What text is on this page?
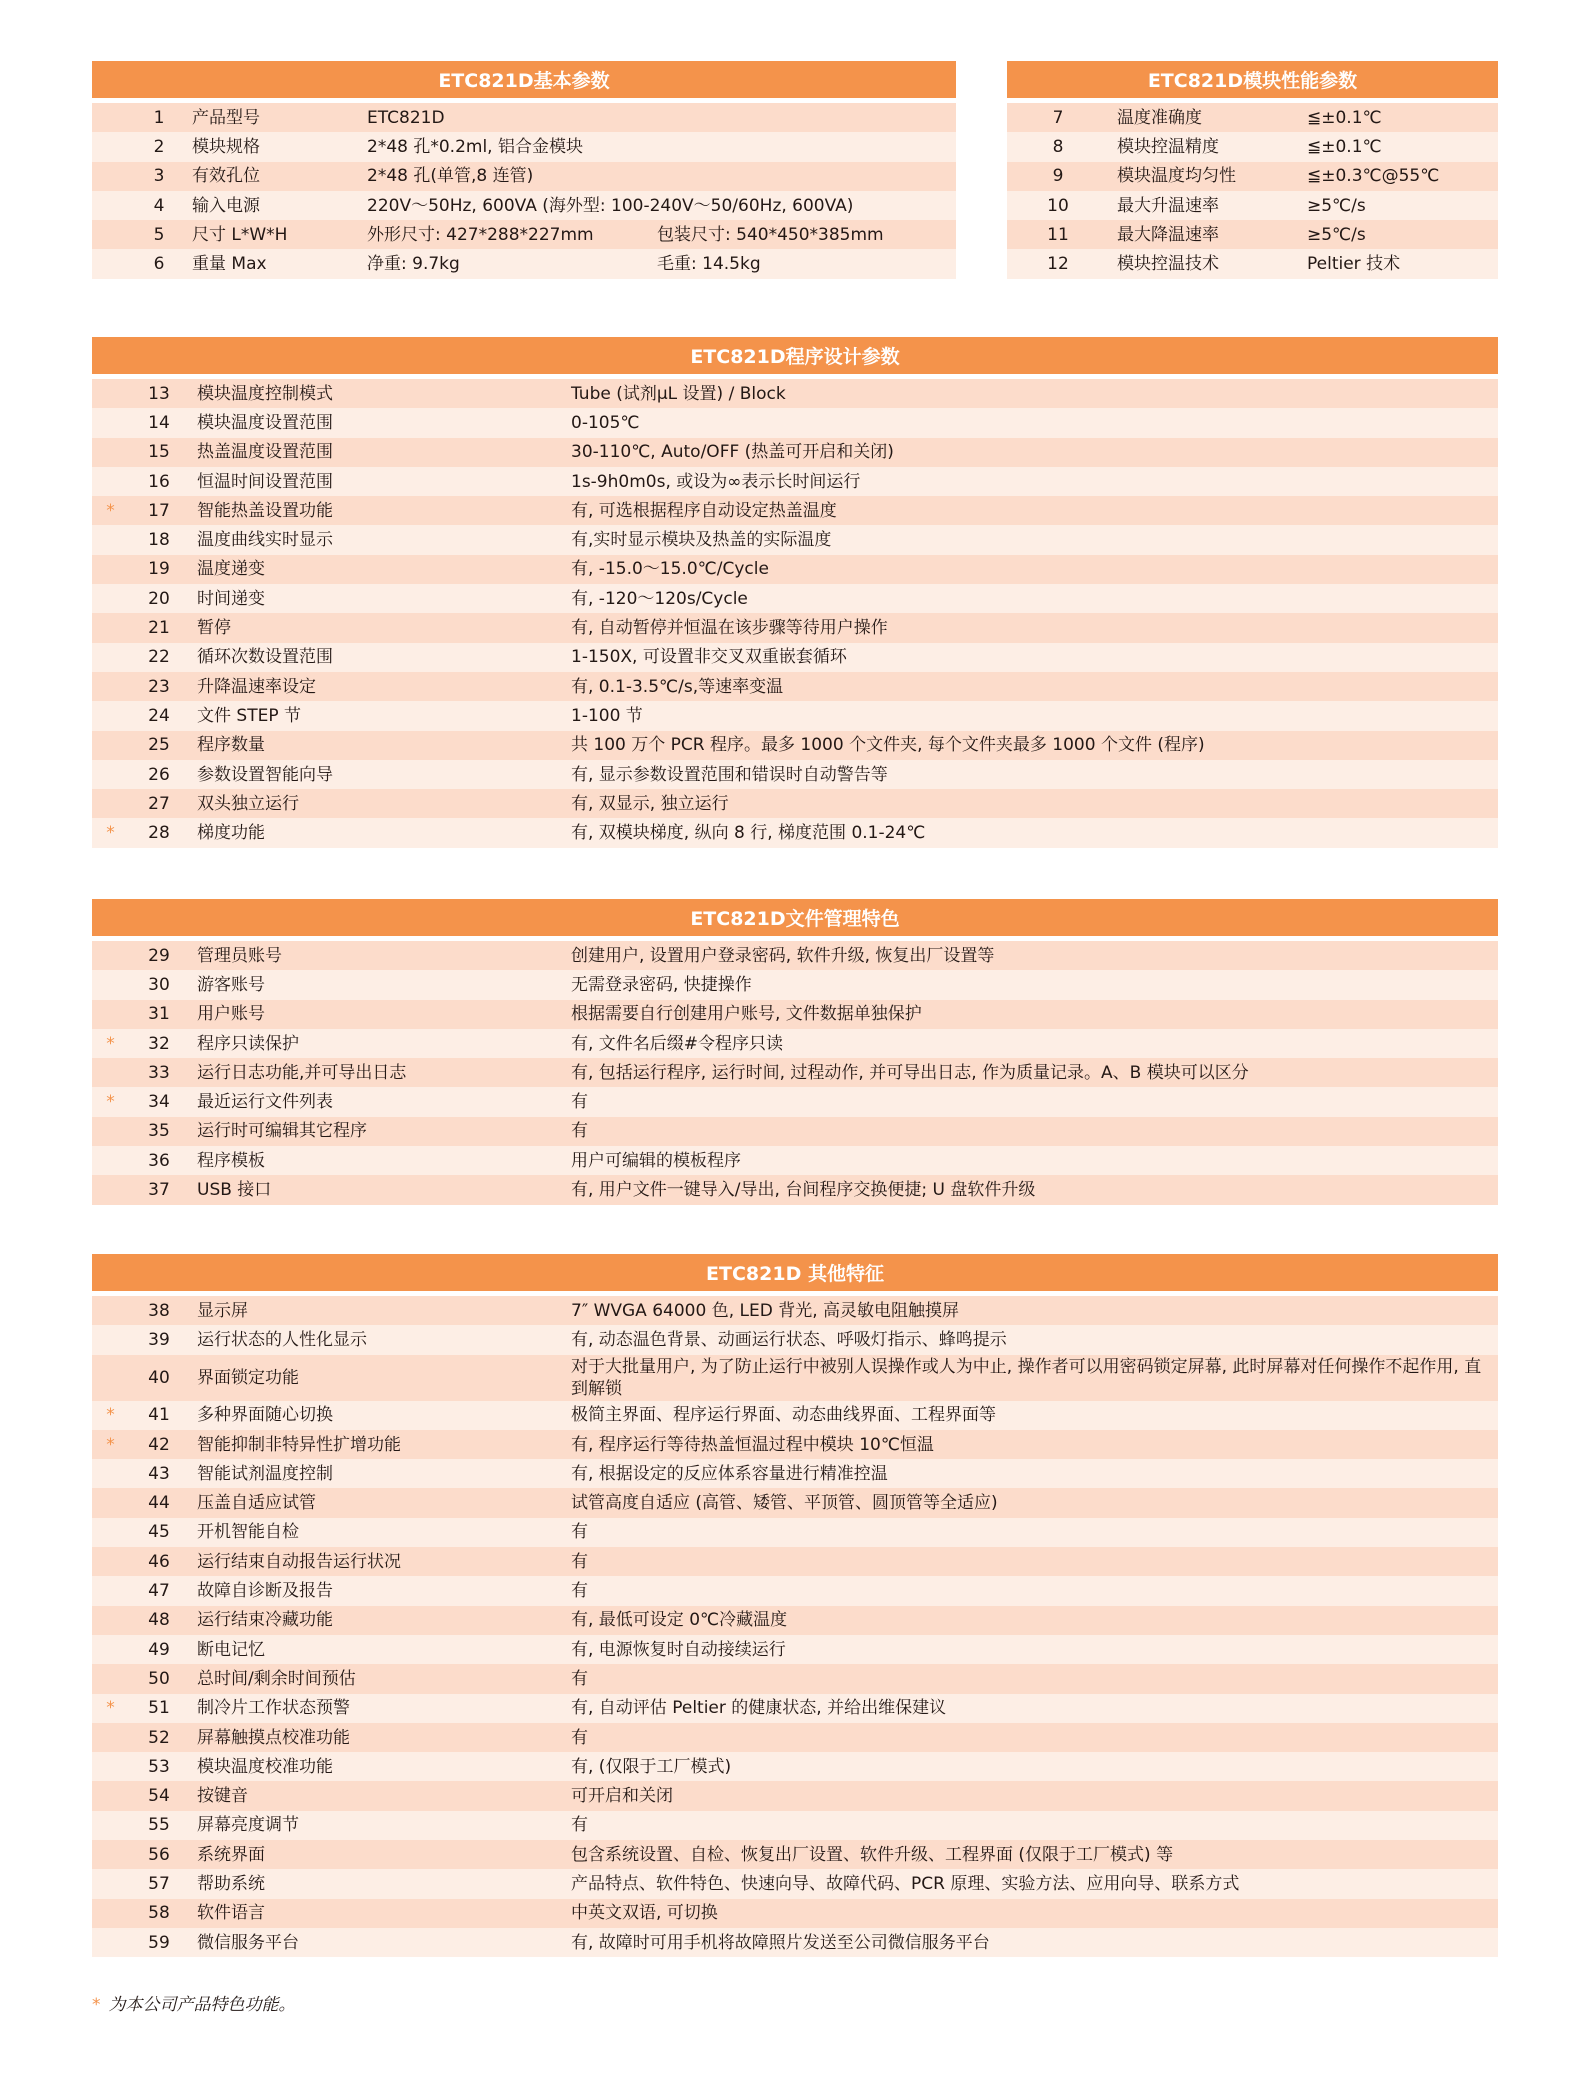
ETC821D基本参数			

	1	产品型号	ETC821D
	2	模块规格	2*48 孔*0.2ml, 铝合金模块
	3	有效孔位	2*48 孔(单管,8 连管)
	4	输入电源	220V～50Hz, 600VA (海外型: 100-240V～50/60Hz, 600VA)
	5	尺寸 L*W*H	外形尺寸: 427*288*227mm 包装尺寸: 540*450*385mm
	6	重量 Max	净重: 9.7kg 毛重: 14.5kg
ETC821D模块性能参数		

7	温度准确度	≦±0.1℃
8	模块控温精度	≦±0.1℃
9	模块温度均匀性	≦±0.3℃@55℃
10	最大升温速率	≥5℃/s
11	最大降温速率	≥5℃/s
12	模块控温技术	Peltier 技术
ETC821D程序设计参数			

	13	模块温度控制模式	Tube (试剂μL 设置) / Block
	14	模块温度设置范围	0-105℃
	15	热盖温度设置范围	30-110℃, Auto/OFF (热盖可开启和关闭)
	16	恒温时间设置范围	1s-9h0m0s, 或设为∞表示长时间运行
*	17	智能热盖设置功能	有, 可选根据程序自动设定热盖温度
	18	温度曲线实时显示	有,实时显示模块及热盖的实际温度
	19	温度递变	有, -15.0～15.0℃/Cycle
	20	时间递变	有, -120～120s/Cycle
	21	暂停	有, 自动暂停并恒温在该步骤等待用户操作
	22	循环次数设置范围	1-150X, 可设置非交叉双重嵌套循环
	23	升降温速率设定	有, 0.1-3.5℃/s,等速率变温
	24	文件 STEP 节	1-100 节
	25	程序数量	共 100 万个 PCR 程序。最多 1000 个文件夹, 每个文件夹最多 1000 个文件 (程序)
	26	参数设置智能向导	有, 显示参数设置范围和错误时自动警告等
	27	双头独立运行	有, 双显示, 独立运行
*	28	梯度功能	有, 双模块梯度, 纵向 8 行, 梯度范围 0.1-24℃
ETC821D文件管理特色			

	29	管理员账号	创建用户, 设置用户登录密码, 软件升级, 恢复出厂设置等
	30	游客账号	无需登录密码, 快捷操作
	31	用户账号	根据需要自行创建用户账号, 文件数据单独保护
*	32	程序只读保护	有, 文件名后缀#令程序只读
	33	运行日志功能,并可导出日志	有, 包括运行程序, 运行时间, 过程动作, 并可导出日志, 作为质量记录。A、B 模块可以区分
*	34	最近运行文件列表	有
	35	运行时可编辑其它程序	有
	36	程序模板	用户可编辑的模板程序
	37	USB 接口	有, 用户文件一键导入/导出, 台间程序交换便捷; U 盘软件升级
ETC821D 其他特征			

	38	显示屏	7″ WVGA 64000 色, LED 背光, 高灵敏电阻触摸屏
	39	运行状态的人性化显示	有, 动态温色背景、动画运行状态、呼吸灯指示、蜂鸣提示
	40	界面锁定功能	对于大批量用户, 为了防止运行中被别人误操作或人为中止, 操作者可以用密码锁定屏幕, 此时屏幕对任何操作不起作用, 直到解锁
*	41	多种界面随心切换	极简主界面、程序运行界面、动态曲线界面、工程界面等
*	42	智能抑制非特异性扩增功能	有, 程序运行等待热盖恒温过程中模块 10℃恒温
	43	智能试剂温度控制	有, 根据设定的反应体系容量进行精准控温
	44	压盖自适应试管	试管高度自适应 (高管、矮管、平顶管、圆顶管等全适应)
	45	开机智能自检	有
	46	运行结束自动报告运行状况	有
	47	故障自诊断及报告	有
	48	运行结束冷藏功能	有, 最低可设定 0℃冷藏温度
	49	断电记忆	有, 电源恢复时自动接续运行
	50	总时间/剩余时间预估	有
*	51	制冷片工作状态预警	有, 自动评估 Peltier 的健康状态, 并给出维保建议
	52	屏幕触摸点校准功能	有
	53	模块温度校准功能	有, (仅限于工厂模式)
	54	按键音	可开启和关闭
	55	屏幕亮度调节	有
	56	系统界面	包含系统设置、自检、恢复出厂设置、软件升级、工程界面 (仅限于工厂模式) 等
	57	帮助系统	产品特点、软件特色、快速向导、故障代码、PCR 原理、实验方法、应用向导、联系方式
	58	软件语言	中英文双语, 可切换
	59	微信服务平台	有, 故障时可用手机将故障照片发送至公司微信服务平台
* 为本公司产品特色功能。
